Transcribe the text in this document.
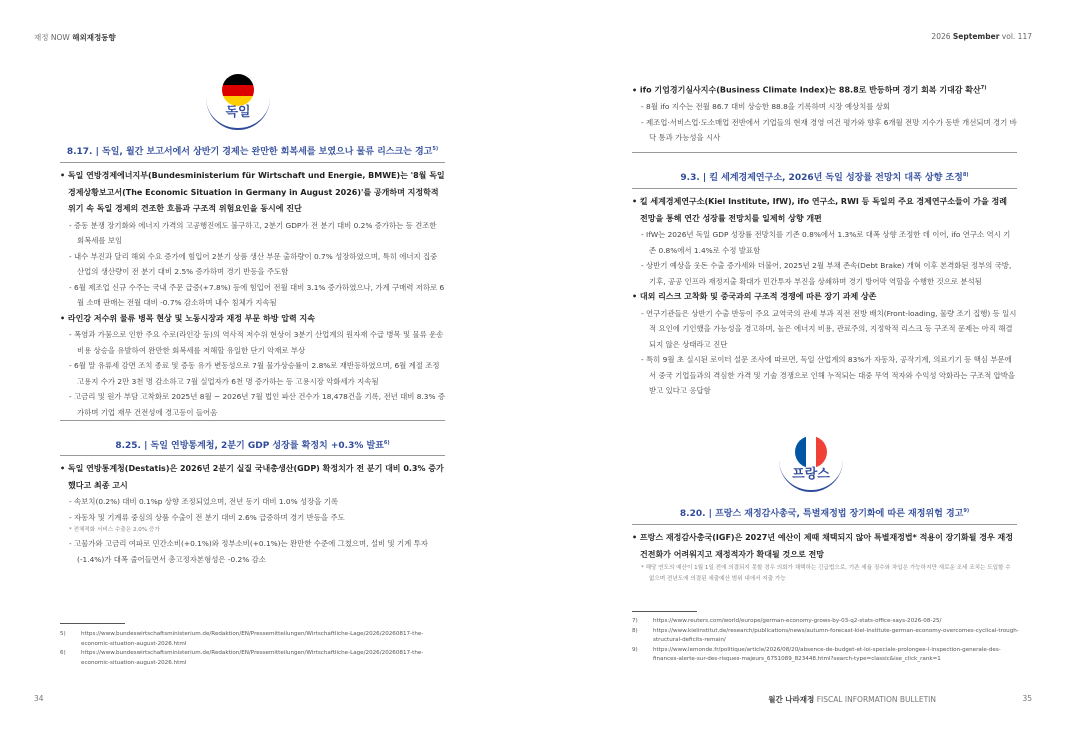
재정 NOW 해외재정동향	2026 September vol. 117
독일
8.17. | 독일, 월간 보고서에서 상반기 경제는 완만한 회복세를 보였으나 물류 리스크는 경고$^{5)}$
• 독일 연방경제에너지부(Bundesministerium für Wirtschaft und Energie, BMWE)는 '8월 독일 경제상황보고서(The Economic Situation in Germany in August 2026)'를 공개하며 지정학적 위기 속 독일 경제의 견조한 흐름과 구조적 위험요인을 동시에 진단
- 증동 분쟁 장기화와 에너지 가격의 고공행진에도 불구하고, 2분기 GDP가 전 분기 대비 0.2% 증가하는 등 견조한 회복세를 보임
- 내수 부진과 달리 해외 수요 증가에 힘입어 2분기 상품 생산 부문 출하량이 0.7% 성장하였으며, 특히 에너지 집중 산업의 생산량이 전 분기 대비 2.5% 증가하며 경기 반등을 주도함
- 6월 제조업 신규 수주는 국내 주문 급증(+7.8%) 등에 힘입어 전월 대비 3.1% 증가하였으나, 가계 구매력 저하로 6월 소매 판매는 전월 대비 -0.7% 감소하며 내수 침체가 지속됨
• 라인강 저수위 물류 병목 현상 및 노동시장과 재정 부문 하방 압력 지속
- 폭염과 가뭄으로 인한 주요 수로(라인강 등)의 역사적 저수위 현상이 3분기 산업계의 원자재 수급 병목 및 물류 운송 비용 상승을 유발하여 완만한 회복세를 저해할 유일한 단기 악재로 부상
- 6월 말 유류세 감면 조치 종료 및 증동 유가 변동성으로 7월 물가상승률이 2.8%로 재반등하였으며, 6월 계절 조정 고용지 수가 2만 3천 명 감소하고 7월 실업자가 6천 명 증가하는 등 고용시장 악화세가 지속됨
- 고금리 및 원가 부담 고착화로 2025년 8월 ~ 2026년 7월 법인 파산 건수가 18,478건을 기록, 전년 대비 8.3% 증가하며 기업 재무 건전성에 경고등이 들어옴
8.25. | 독일 연방통계청, 2분기 GDP 성장률 확정치 +0.3% 발표$^{6)}$
• 독일 연방통계청(Destatis)은 2026년 2분기 실질 국내총생산(GDP) 확정치가 전 분기 대비 0.3% 증가했다고 최종 고시
- 속보치(0.2%) 대비 0.1%p 상향 조정되었으며, 전년 동기 대비 1.0% 성장을 기록
- 자동차 및 기계류 중심의 상품 수출이 전 분기 대비 2.6% 급증하며 경기 반등을 주도
* 전체적화 서비스 수출은 2.0% 증가
- 고물가와 고금리 여파로 민간소비(+0.1%)와 정부소비(+0.1%)는 완만한 수준에 그쳤으며, 설비 및 기계 투자(-1.4%)가 대폭 줄어들면서 총고정자본형성은 -0.2% 감소
5)	https://www.bundeswirtschaftsministerium.de/Redaktion/EN/Pressemitteilungen/Wirtschaftliche-Lage/2026/20260817-the-economic-situation-august-2026.html
6)	https://www.bundeswirtschaftsministerium.de/Redaktion/EN/Pressemitteilungen/Wirtschaftliche-Lage/2026/20260817-the-economic-situation-august-2026.html
34
• ifo 기업경기실사지수(Business Climate Index)는 88.8로 반등하며 경기 회복 기대감 확산$^{7)}$
- 8월 ifo 지수는 전월 86.7 대비 상승한 88.8을 기록하며 시장 예상치를 상회
- 제조업·서비스업·도소매업 전반에서 기업들의 현재 경영 여건 평가와 향후 6개월 전망 지수가 동반 개선되며 경기 바닥 통과 가능성을 시사
9.3. | 킬 세계경제연구소, 2026년 독일 성장률 전망치 대폭 상향 조정$^{8)}$
• 킬 세계경제연구소(Kiel Institute, IfW), ifo 연구소, RWI 등 독일의 주요 경제연구소들이 가을 정례 전망을 통해 연간 성장률 전망치를 일제히 상향 개편
- IfW는 2026년 독일 GDP 성장률 전망치를 기존 0.8%에서 1.3%로 대폭 상향 조정한 데 이어, ifo 연구소 역시 기존 0.8%에서 1.4%로 수정 발표함
- 상반기 예상을 웃돈 수출 증가세와 더불어, 2025년 2월 부채 존속(Debt Brake) 개혁 이후 본격화된 정부의 국방, 기후, 공공 인프라 재정지출 확대가 민간투자 부진을 상쇄하며 경기 방어막 역할을 수행한 것으로 분석됨
• 대외 리스크 고착화 및 중국과의 구조적 경쟁에 따른 장기 과제 상존
- 연구기관들은 상반기 수출 반등이 주요 교역국의 관세 부과 직전 전방 배치(Front-loading, 물량 조기 집행) 등 일시적 요인에 기인했을 가능성을 경고하며, 높은 에너지 비용, 관료주의, 지정학적 리스크 등 구조적 문제는 아직 해결되지 않은 상태라고 진단
- 특히 9월 초 실시된 로이터 설문 조사에 따르면, 독일 산업계의 83%가 자동차, 공작기계, 의료기기 등 핵심 부문에서 중국 기업들과의 격심한 가격 및 기술 경쟁으로 인해 누적되는 대중 무역 적자와 수익성 악화라는 구조적 압박을 받고 있다고 응답함
프랑스
8.20. | 프랑스 재정감사총국, 특별재정법 장기화에 따른 재정위험 경고$^{9)}$
• 프랑스 재정감사총국(IGF)은 2027년 예산이 제때 채택되지 않아 특별재정법* 적용이 장기화될 경우 재정건전화가 어려워지고 재정적자가 확대될 것으로 전망
* 해당 연도의 예산이 1월 1일 전에 의결되지 못할 경우 의회가 채택하는 긴급법으로, 기존 세율 징수와 차입은 가능하지만 새로운 조세 조치는 도입할 수 없으며 전년도에 의결된 세출예산 범위 내에서 지출 가능
7)	https://www.reuters.com/world/europe/german-economy-grows-by-03-q2-stats-office-says-2026-08-25/
8)	https://www.kielinstitut.de/research/publications/news/autumn-forecast-kiel-institute-german-economy-overcomes-cyclical-trough-structural-deficits-remain/
9)	https://www.lemonde.fr/politique/article/2026/08/20/absence-de-budget-et-loi-speciale-prolongee-l-inspection-generale-des-finances-alerte-sur-des-risques-majeurs_6751089_823448.html?search-type=classic&ise_click_rank=1
월간 나라재정 FISCAL INFORMATION BULLETIN	35
